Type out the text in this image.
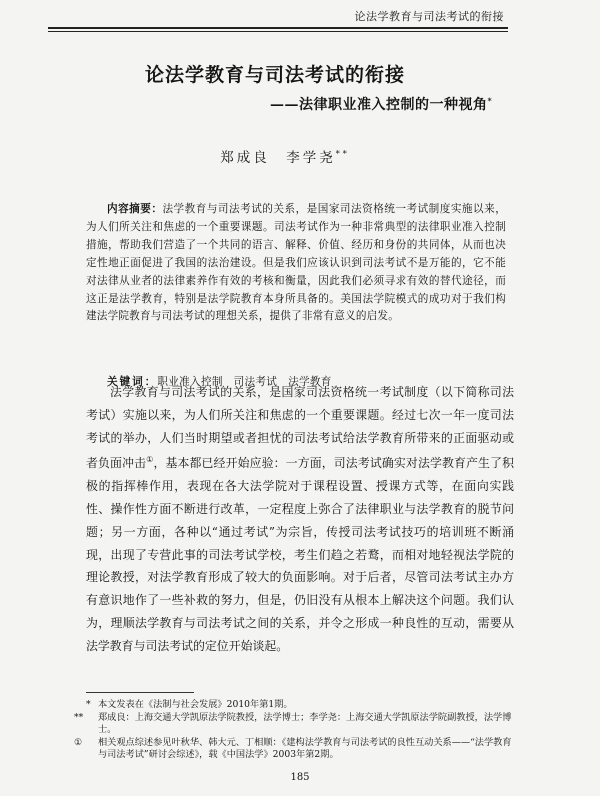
论法学教育与司法考试的衔接
论法学教育与司法考试的衔接
——法律职业准入控制的一种视角*
郑成良　李学尧**
内容摘要：法学教育与司法考试的关系，是国家司法资格统一考试制度实施以来，为人们所关注和焦虑的一个重要课题。司法考试作为一种非常典型的法律职业准入控制措施，帮助我们营造了一个共同的语言、解释、价值、经历和身份的共同体，从而也决定性地正面促进了我国的法治建设。但是我们应该认识到司法考试不是万能的，它不能对法律从业者的法律素养作有效的考核和衡量，因此我们必须寻求有效的替代途径，而这正是法学教育，特别是法学院教育本身所具备的。美国法学院模式的成功对于我们构建法学院教育与司法考试的理想关系，提供了非常有意义的启发。
关键词：职业准入控制　司法考试　法学教育
法学教育与司法考试的关系，是国家司法资格统一考试制度（以下简称司法考试）实施以来，为人们所关注和焦虑的一个重要课题。经过七次一年一度司法考试的举办，人们当时期望或者担忧的司法考试给法学教育所带来的正面驱动或者负面冲击①，基本都已经开始应验：一方面，司法考试确实对法学教育产生了积极的指挥棒作用，表现在各大法学院对于课程设置、授课方式等，在面向实践性、操作性方面不断进行改革，一定程度上弥合了法律职业与法学教育的脱节问题；另一方面，各种以“通过考试”为宗旨，传授司法考试技巧的培训班不断涌现，出现了专营此事的司法考试学校，考生们趋之若鹜，而相对地轻视法学院的理论教授，对法学教育形成了较大的负面影响。对于后者，尽管司法考试主办方有意识地作了一些补救的努力，但是，仍旧没有从根本上解决这个问题。我们认为，理顺法学教育与司法考试之间的关系，并令之形成一种良性的互动，需要从法学教育与司法考试的定位开始谈起。

* 本文发表在《法制与社会发展》2010年第1期。

** 郑成良：上海交通大学凯原法学院教授，法学博士；李学尧：上海交通大学凯原法学院副教授，法学博士。

① 相关观点综述参见叶秋华、韩大元、丁相顺：《建构法学教育与司法考试的良性互动关系——“法学教育与司法考试”研讨会综述》，载《中国法学》2003年第2期。

185
